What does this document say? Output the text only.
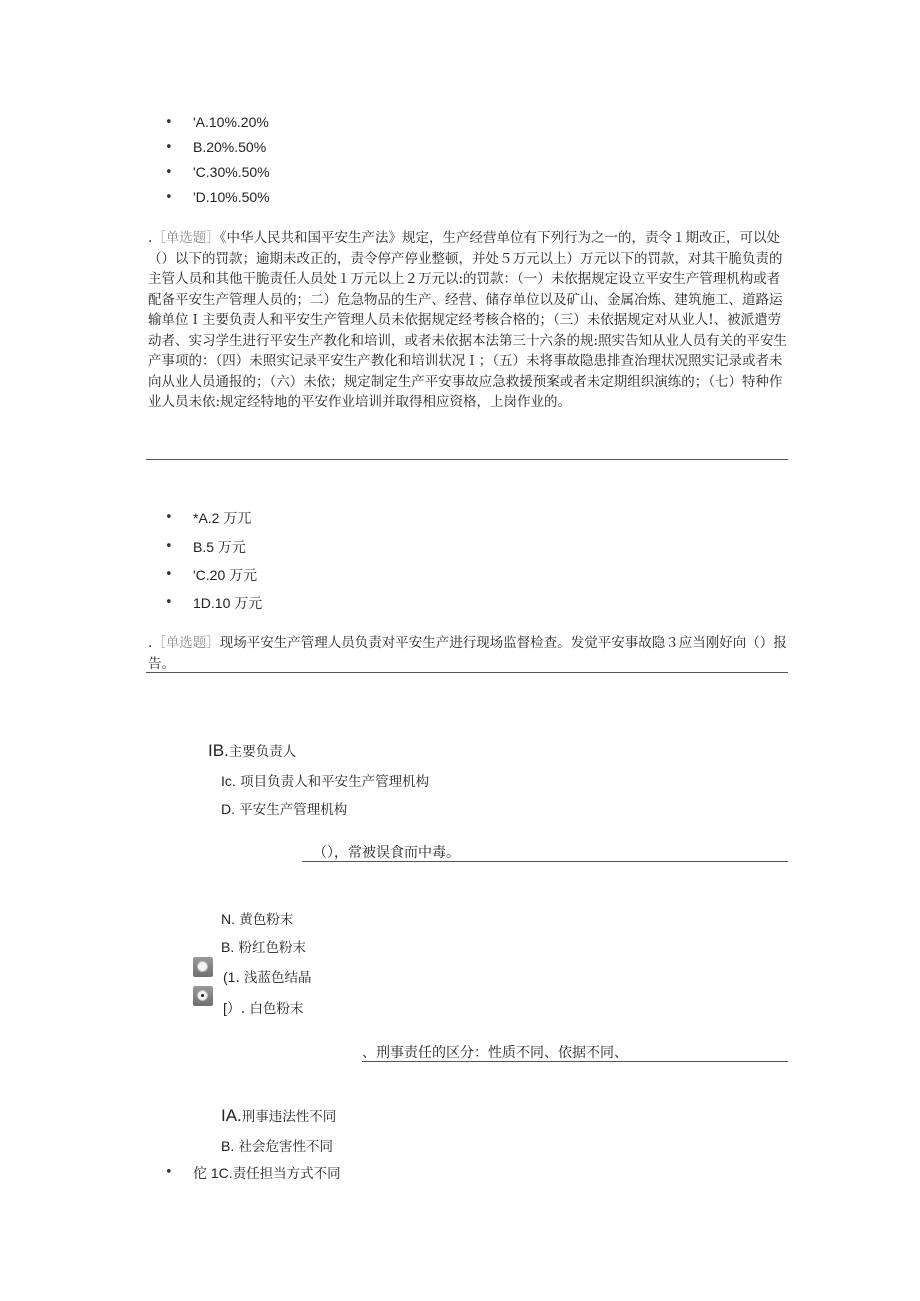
• 'A.10%.20%
• B.20%.50%
• 'C.30%.50%
• 'D.10%.50%
.［单选题］《中华人民共和国平安生产法》规定，生产经营单位有下列行为之一的，责令１期改正，可以处（）以下的罚款；逾期未改正的，责令停产停业整顿，并处５万元以上）万元以下的罚款，对其干脆负责的主管人员和其他干脆责任人员处１万元以上２万元以:的罚款：（一）未依据规定设立平安生产管理机构或者配备平安生产管理人员的；二）危急物品的生产、经营、储存单位以及矿山、金属冶炼、建筑施工、道路运输单位Ｉ主要负责人和平安生产管理人员未依据规定经考核合格的；（三）未依据规定对从业人!、被派遣劳动者、实习学生进行平安生产教化和培训，或者未依据本法第三十六条的规:照实告知从业人员有关的平安生产事项的：（四）未照实记录平安生产教化和培训状况Ｉ；（五）未将事故隐患排查治理状况照实记录或者未向从业人员通报的；（六）未依；规定制定生产平安事故应急救援预案或者未定期组织演练的；（七）特种作业人员未依:规定经特地的平安作业培训并取得相应资格，上岗作业的。
• *A.2 万兀
• B.5 万元
• 'C.20 万元
• 1D.10 万元
.［单选题］现场平安生产管理人员负责对平安生产进行现场监督检查。发觉平安事故隐３应当刚好向（）报告。
IB.主要负责人
Ic. 项目负责人和平安生产管理机构
D. 平安生产管理机构
（），常被误食而中毒。
N. 黄色粉末
B. 粉红色粉末
(1. 浅蓝色结晶
[）. 白色粉末
、刑事责任的区分：性质不同、依据不同、
IA.刑事违法性不同
B. 社会危害性不同
• 佗 1C.责任担当方式不同
